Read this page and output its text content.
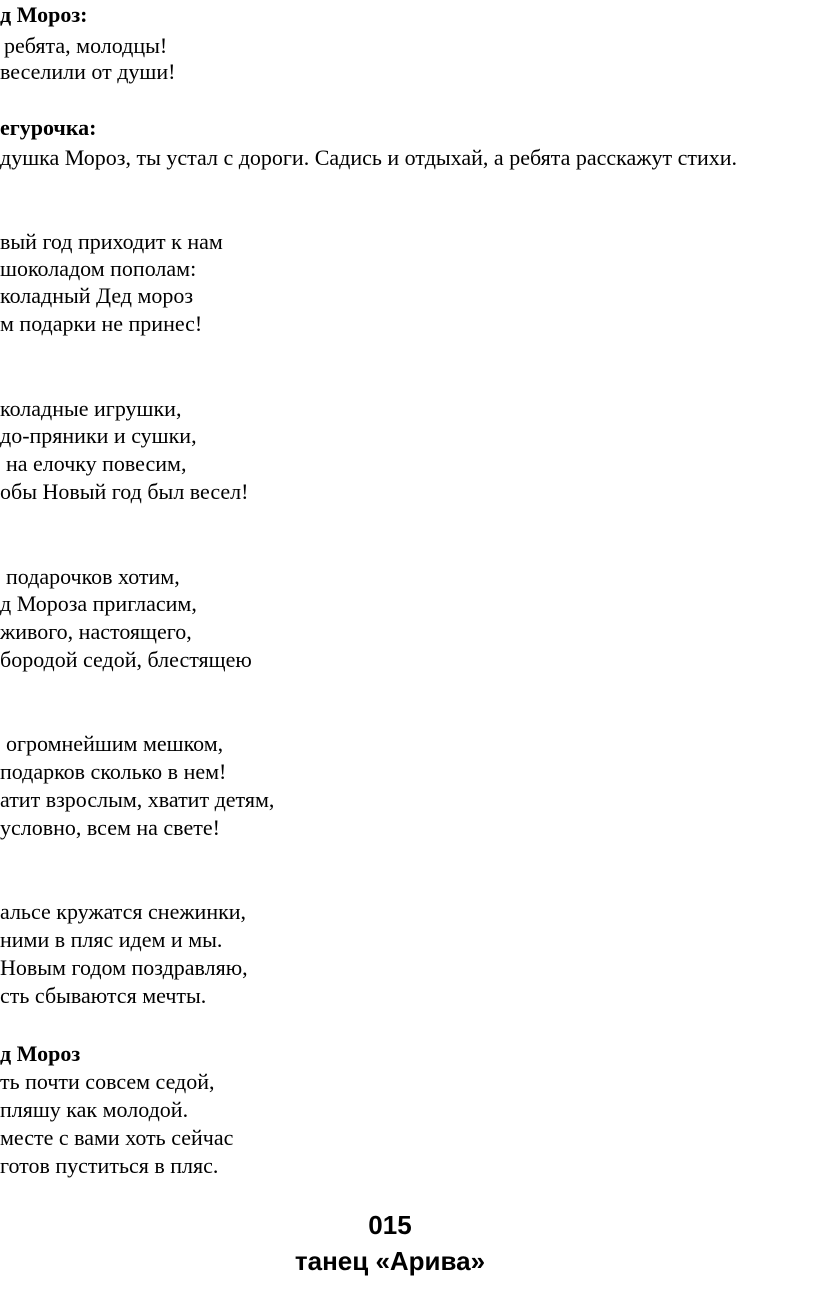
д Мороз:
ребята, молодцы!
веселили от души!
егурочка:
душка Мороз, ты устал с дороги. Садись и отдыхай, а ребята расскажут стихи.
вый год приходит к нам
шоколадом пополам:
коладный Дед мороз
м подарки не принес!
коладные игрушки,
до-пряники и сушки,
на елочку повесим,
обы Новый год был весел!
подарочков хотим,
д Мороза пригласим,
живого, настоящего,
бородой седой, блестящею
огромнейшим мешком,
подарков сколько в нем!
атит взрослым, хватит детям,
условно, всем на свете!
альсе кружатся снежинки,
ними в пляс идем и мы.
Новым годом поздравляю,
сть сбываются мечты.
д Мороз
ть почти совсем седой,
пляшу как молодой.
месте с вами хоть сейчас
готов пуститься в пляс.
015
танец «Арива»
